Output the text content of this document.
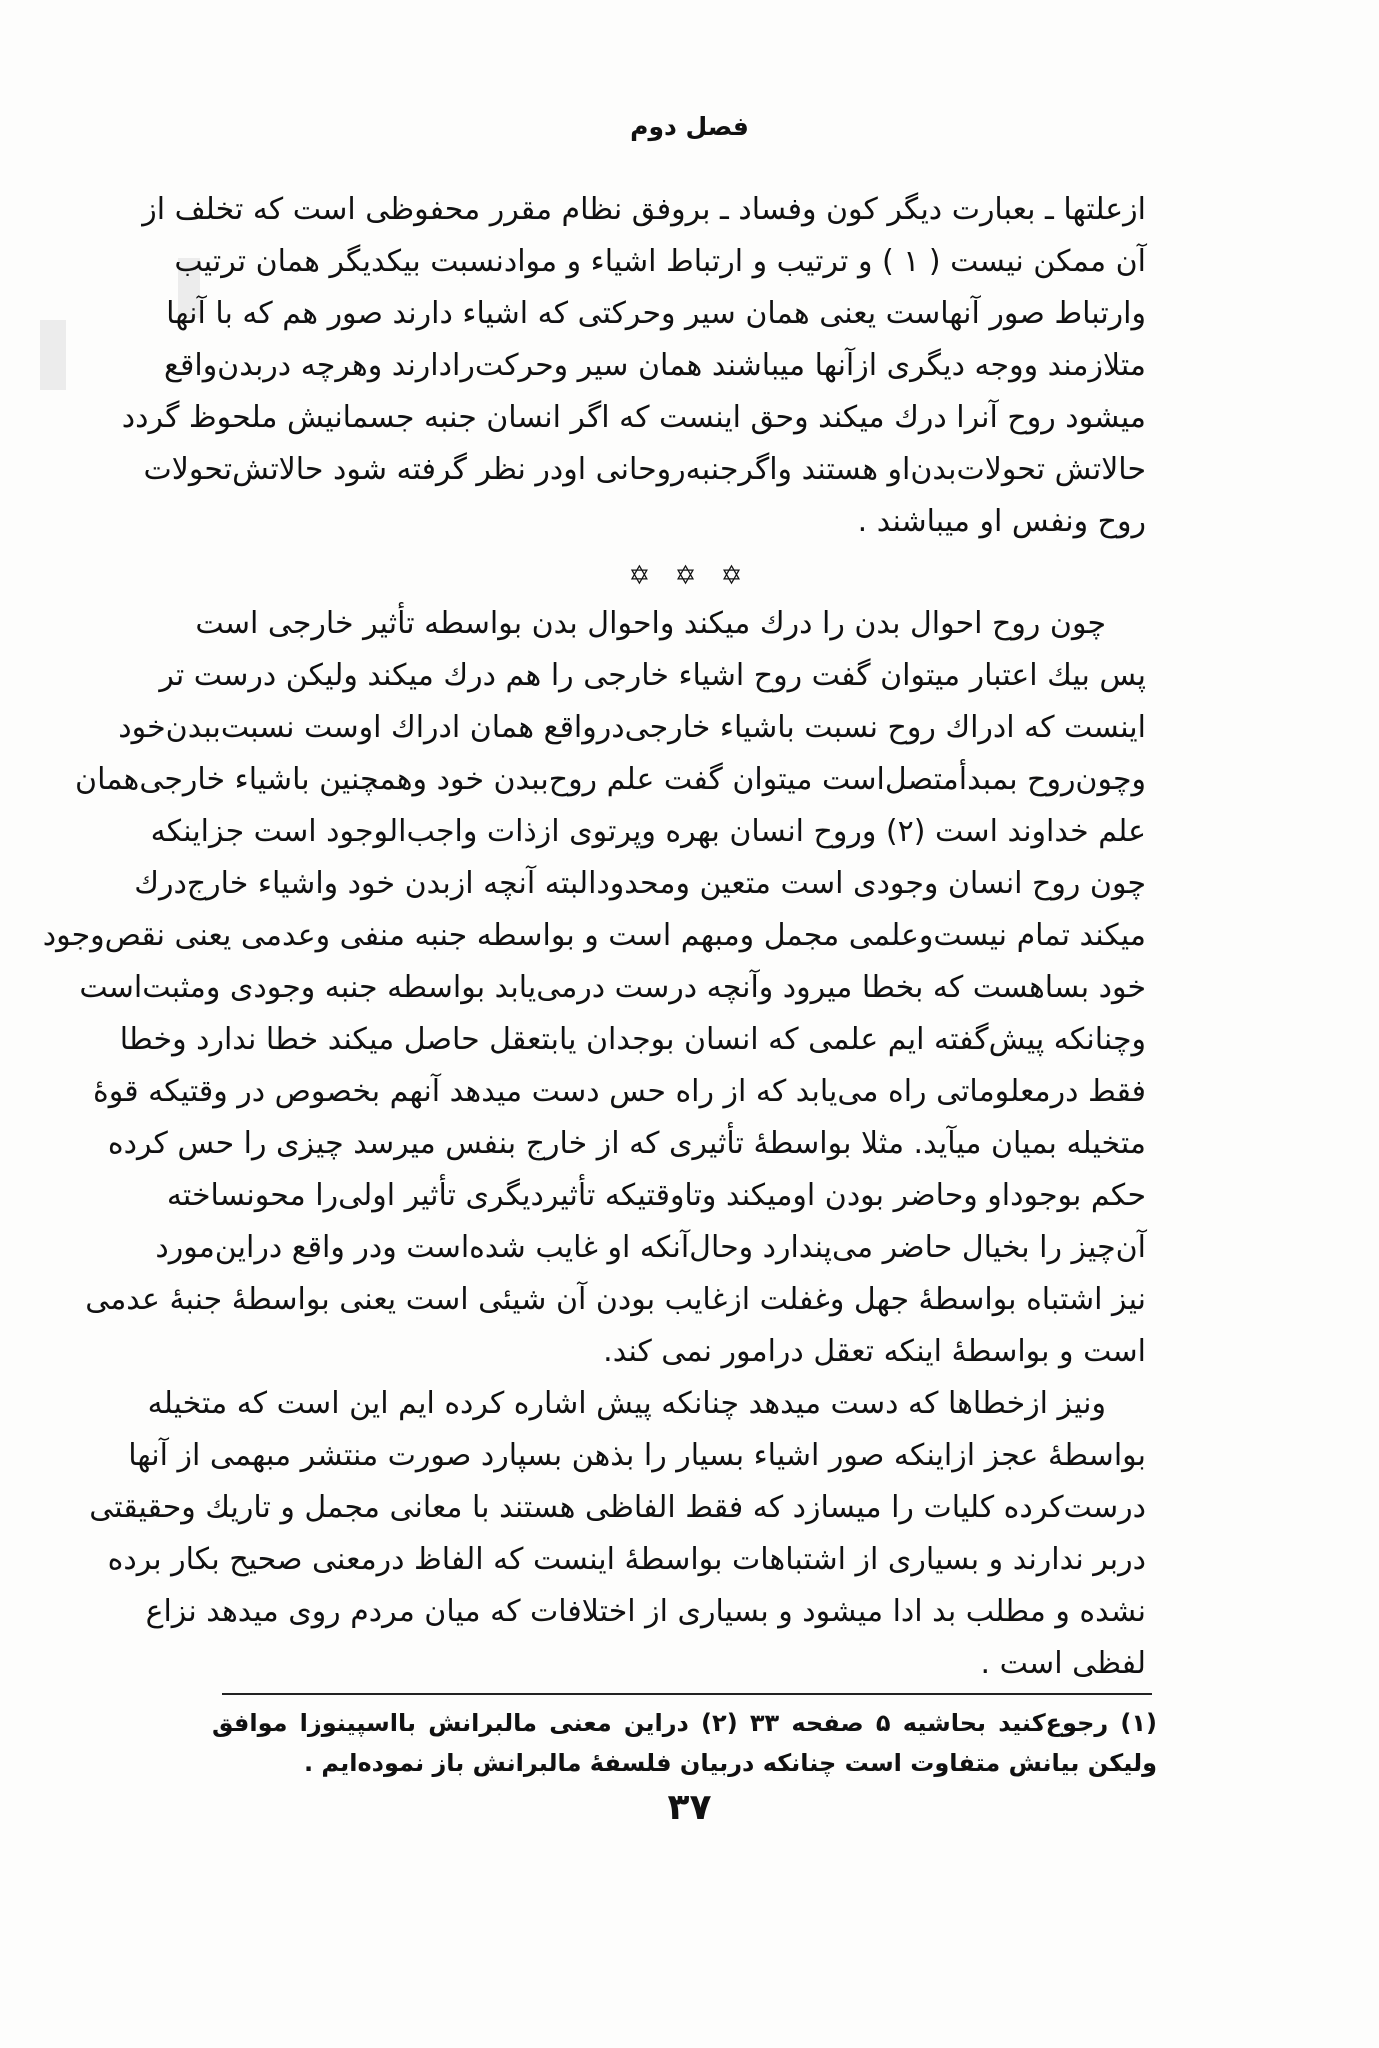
فصل دوم
ازعلتها ـ بعبارت دیگر کون وفساد ـ بروفق نظام مقرر محفوظی است که تخلف از
آن ممکن نیست ( ۱ ) و ترتیب و ارتباط اشیاء و موادنسبت بیکدیگر همان ترتیب
وارتباط صور آنهاست یعنی همان سیر وحرکتی که اشیاء دارند صور هم که با آنها
متلازمند ووجه دیگری ازآنها میباشند همان سیر وحرکت‌رادارند وهرچه دربدن‌واقع
میشود روح آنرا درك میکند وحق اینست که اگر انسان جنبه جسمانیش ملحوظ گردد
حالاتش تحولات‌بدن‌او هستند واگرجنبه‌روحانی اودر نظر گرفته شود حالاتش‌تحولات
روح ونفس او میباشند .
✡ ✡ ✡
چون روح احوال بدن را درك میکند واحوال بدن بواسطه تأثیر خارجی است
پس بیك اعتبار میتوان گفت روح اشیاء خارجی را هم درك میکند ولیکن درست تر
اینست که ادراك روح نسبت باشیاء خارجی‌درواقع همان ادراك اوست نسبت‌ببدن‌خود
وچون‌روح بمبدأمتصل‌است میتوان گفت علم روح‌ببدن خود وهمچنین باشیاء خارجی‌همان
علم خداوند است (۲) وروح انسان بهره وپرتوی ازذات واجب‌الوجود است جزاینکه
چون روح انسان وجودی است متعین ومحدودالبته آنچه ازبدن خود واشیاء خارج‌درك
میکند تمام نیست‌وعلمی مجمل ومبهم است و بواسطه جنبه منفی وعدمی یعنی نقص‌وجود
خود بساهست که بخطا میرود وآنچه درست درمی‌یابد بواسطه جنبه وجودی ومثبت‌است
وچنانکه پیش‌گفته ایم علمی که انسان بوجدان یابتعقل حاصل میکند خطا ندارد وخطا
فقط درمعلوماتی راه می‌یابد که از راه حس دست میدهد آنهم بخصوص در وقتیکه قوهٔ
متخیله بمیان میآید. مثلا بواسطهٔ تأثیری که از خارج بنفس میرسد چیزی را حس کرده
حکم بوجوداو وحاضر بودن اومیکند وتاوقتیکه تأثیردیگری تأثیر اولی‌را محونساخته
آن‌چیز را بخیال حاضر می‌پندارد وحال‌آنکه او غایب شده‌است ودر واقع دراین‌مورد
نیز اشتباه بواسطهٔ جهل وغفلت ازغایب بودن آن شیئی است یعنی بواسطهٔ جنبهٔ عدمی
است و بواسطهٔ اینکه تعقل درامور نمی کند.
ونیز ازخطاها که دست میدهد چنانکه پیش اشاره کرده ایم این است که متخیله
بواسطهٔ عجز ازاینکه صور اشیاء بسیار را بذهن بسپارد صورت منتشر مبهمی از آنها
درست‌کرده کلیات را میسازد که فقط الفاظی هستند با معانی مجمل و تاریك وحقیقتی
دربر ندارند و بسیاری از اشتباهات بواسطهٔ اینست که الفاظ درمعنی صحیح بکار برده
نشده و مطلب بد ادا میشود و بسیاری از اختلافات که میان مردم روی میدهد نزاع
لفظی است .
(۱) رجوع‌کنید بحاشیه ۵ صفحه ۳۳ (۲) دراین معنی مالبرانش بااسپینوزا موافق
ولیکن بیانش متفاوت است چنانکه دربیان فلسفهٔ مالبرانش باز نموده‌ایم .
۳۷
